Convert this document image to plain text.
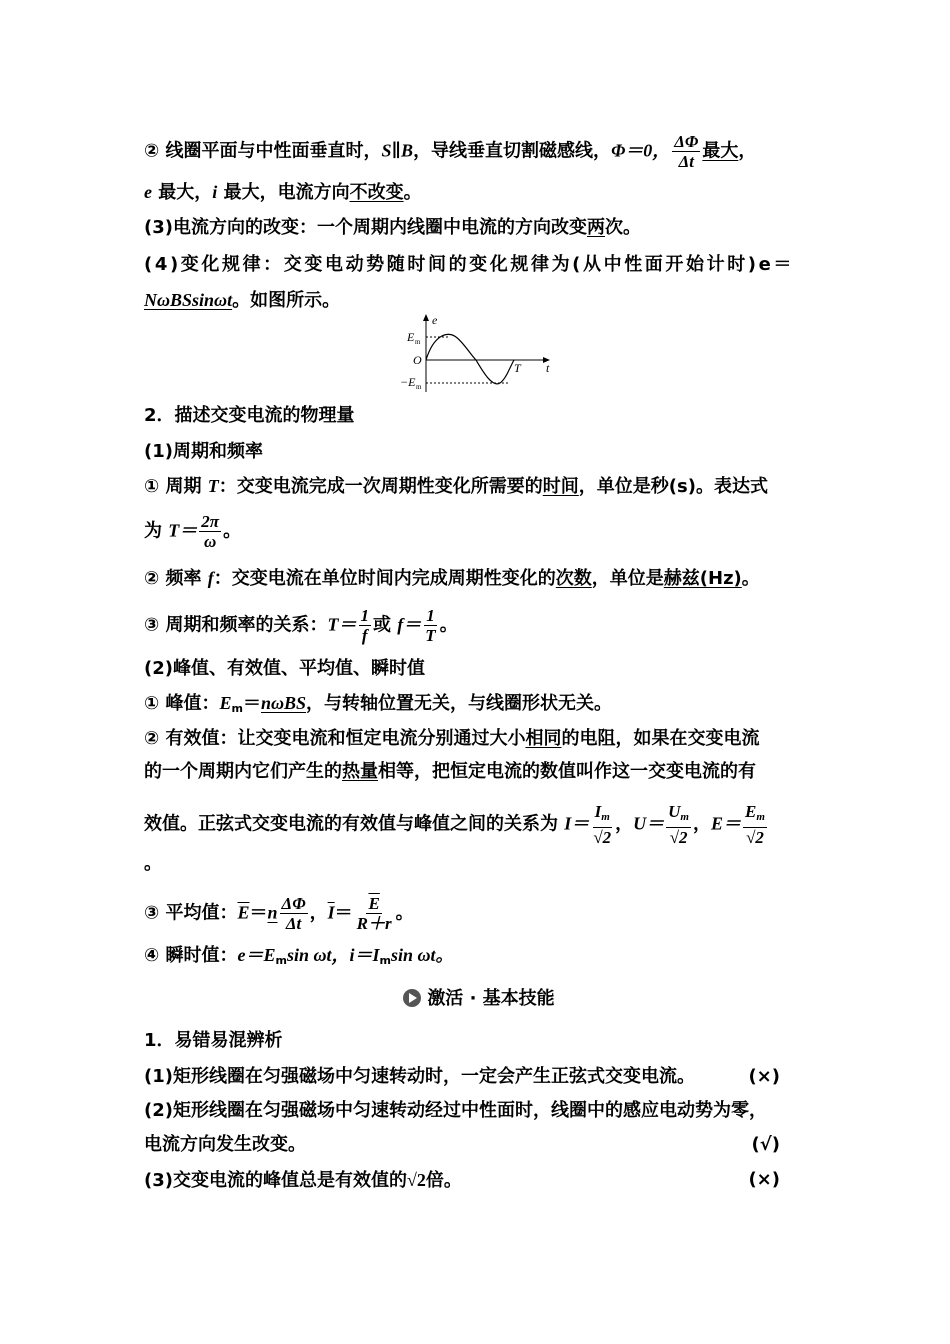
② 线圈平面与中性面垂直时，S∥B，导线垂直切割磁感线，Φ＝0， $\frac{\Delta\Phi}{\Delta t}$ 最大，
e 最大，i 最大，电流方向不改变。
(3)电流方向的改变：一个周期内线圈中电流的方向改变两次。
(4)变化规律：交变电动势随时间的变化规律为(从中性面开始计时)e＝
NωBSsinωt。如图所示。
e
E m
O
−E m
T t
2．描述交变电流的物理量
(1)周期和频率
① 周期 T：交变电流完成一次周期性变化所需要的时间，单位是秒(s)。表达式
为 $T= \frac{2\pi}{\omega}$ 。
② 频率 f：交变电流在单位时间内完成周期性变化的次数，单位是赫兹(Hz)。
③ 周期和频率的关系：$T= \frac{1}{f}$ 或 $f= \frac{1}{T}$ 。
(2)峰值、有效值、平均值、瞬时值
① 峰值：$E_m=n\omega BS$，与转轴位置无关，与线圈形状无关。
② 有效值：让交变电流和恒定电流分别通过大小相同的电阻，如果在交变电流
的一个周期内它们产生的热量相等，把恒定电流的数值叫作这一交变电流的有
效值。正弦式交变电流的有效值与峰值之间的关系为 $I= \frac{I_m}{√2}$ ，$U= \frac{U_m}{√2}$ ，$E= \frac{E_m}{√2}$
。
③ 平均值：$\overline{E}=n \frac{\Delta\Phi}{\Delta t}$ ，$\overline{I}= \frac{\overline{E}}{R+r}$ 。
④ 瞬时值：$e=E_m\sin$ ωt，$i=I_m\sin$ ωt。
激活 · 基本技能
1．易错易混辨析
(1)矩形线圈在匀强磁场中匀速转动时，一定会产生正弦式交变电流。	(×)
(2)矩形线圈在匀强磁场中匀速转动经过中性面时，线圈中的感应电动势为零，
电流方向发生改变。	(√)
(3)交变电流的峰值总是有效值的√2倍。	(×)
